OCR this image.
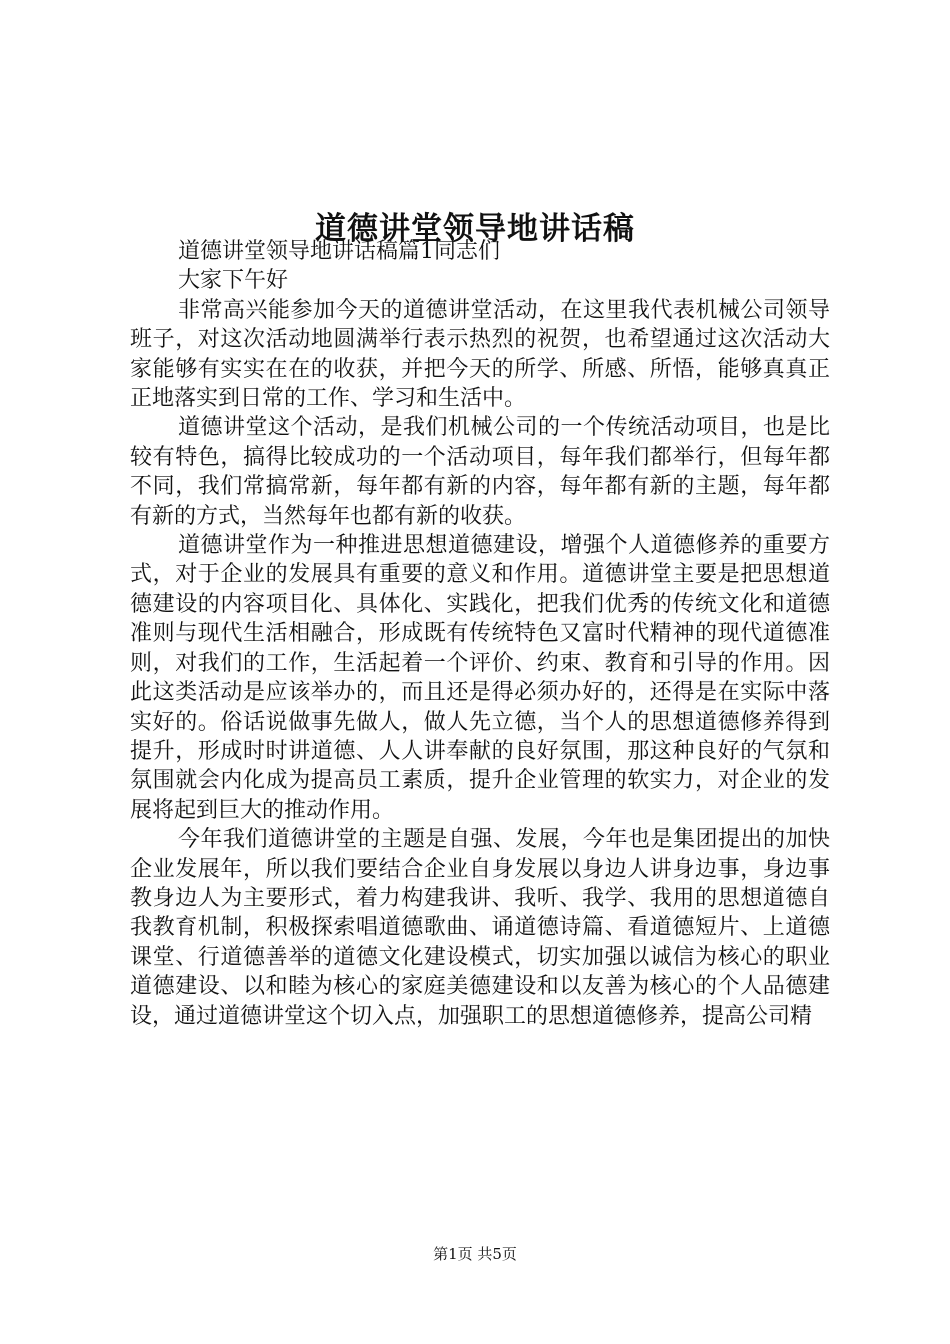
道德讲堂领导地讲话稿

道德讲堂领导地讲话稿篇1同志们

大家下午好

非常高兴能参加今天的道德讲堂活动，在这里我代表机械公司领导班子，对这次活动地圆满举行表示热烈的祝贺，也希望通过这次活动大家能够有实实在在的收获，并把今天的所学、所感、所悟，能够真真正正地落实到日常的工作、学习和生活中。

道德讲堂这个活动，是我们机械公司的一个传统活动项目，也是比较有特色，搞得比较成功的一个活动项目，每年我们都举行，但每年都不同，我们常搞常新，每年都有新的内容，每年都有新的主题，每年都有新的方式，当然每年也都有新的收获。

道德讲堂作为一种推进思想道德建设，增强个人道德修养的重要方式，对于企业的发展具有重要的意义和作用。道德讲堂主要是把思想道德建设的内容项目化、具体化、实践化，把我们优秀的传统文化和道德准则与现代生活相融合，形成既有传统特色又富时代精神的现代道德准则，对我们的工作，生活起着一个评价、约束、教育和引导的作用。因此这类活动是应该举办的，而且还是得必须办好的，还得是在实际中落实好的。俗话说做事先做人，做人先立德，当个人的思想道德修养得到提升，形成时时讲道德、人人讲奉献的良好氛围，那这种良好的气氛和氛围就会内化成为提高员工素质，提升企业管理的软实力，对企业的发展将起到巨大的推动作用。

今年我们道德讲堂的主题是自强、发展，今年也是集团提出的加快企业发展年，所以我们要结合企业自身发展以身边人讲身边事，身边事教身边人为主要形式，着力构建我讲、我听、我学、我用的思想道德自我教育机制，积极探索唱道德歌曲、诵道德诗篇、看道德短片、上道德课堂、行道德善举的道德文化建设模式，切实加强以诚信为核心的职业道德建设、以和睦为核心的家庭美德建设和以友善为核心的个人品德建设，通过道德讲堂这个切入点，加强职工的思想道德修养，提高公司精

第1页 共5页
